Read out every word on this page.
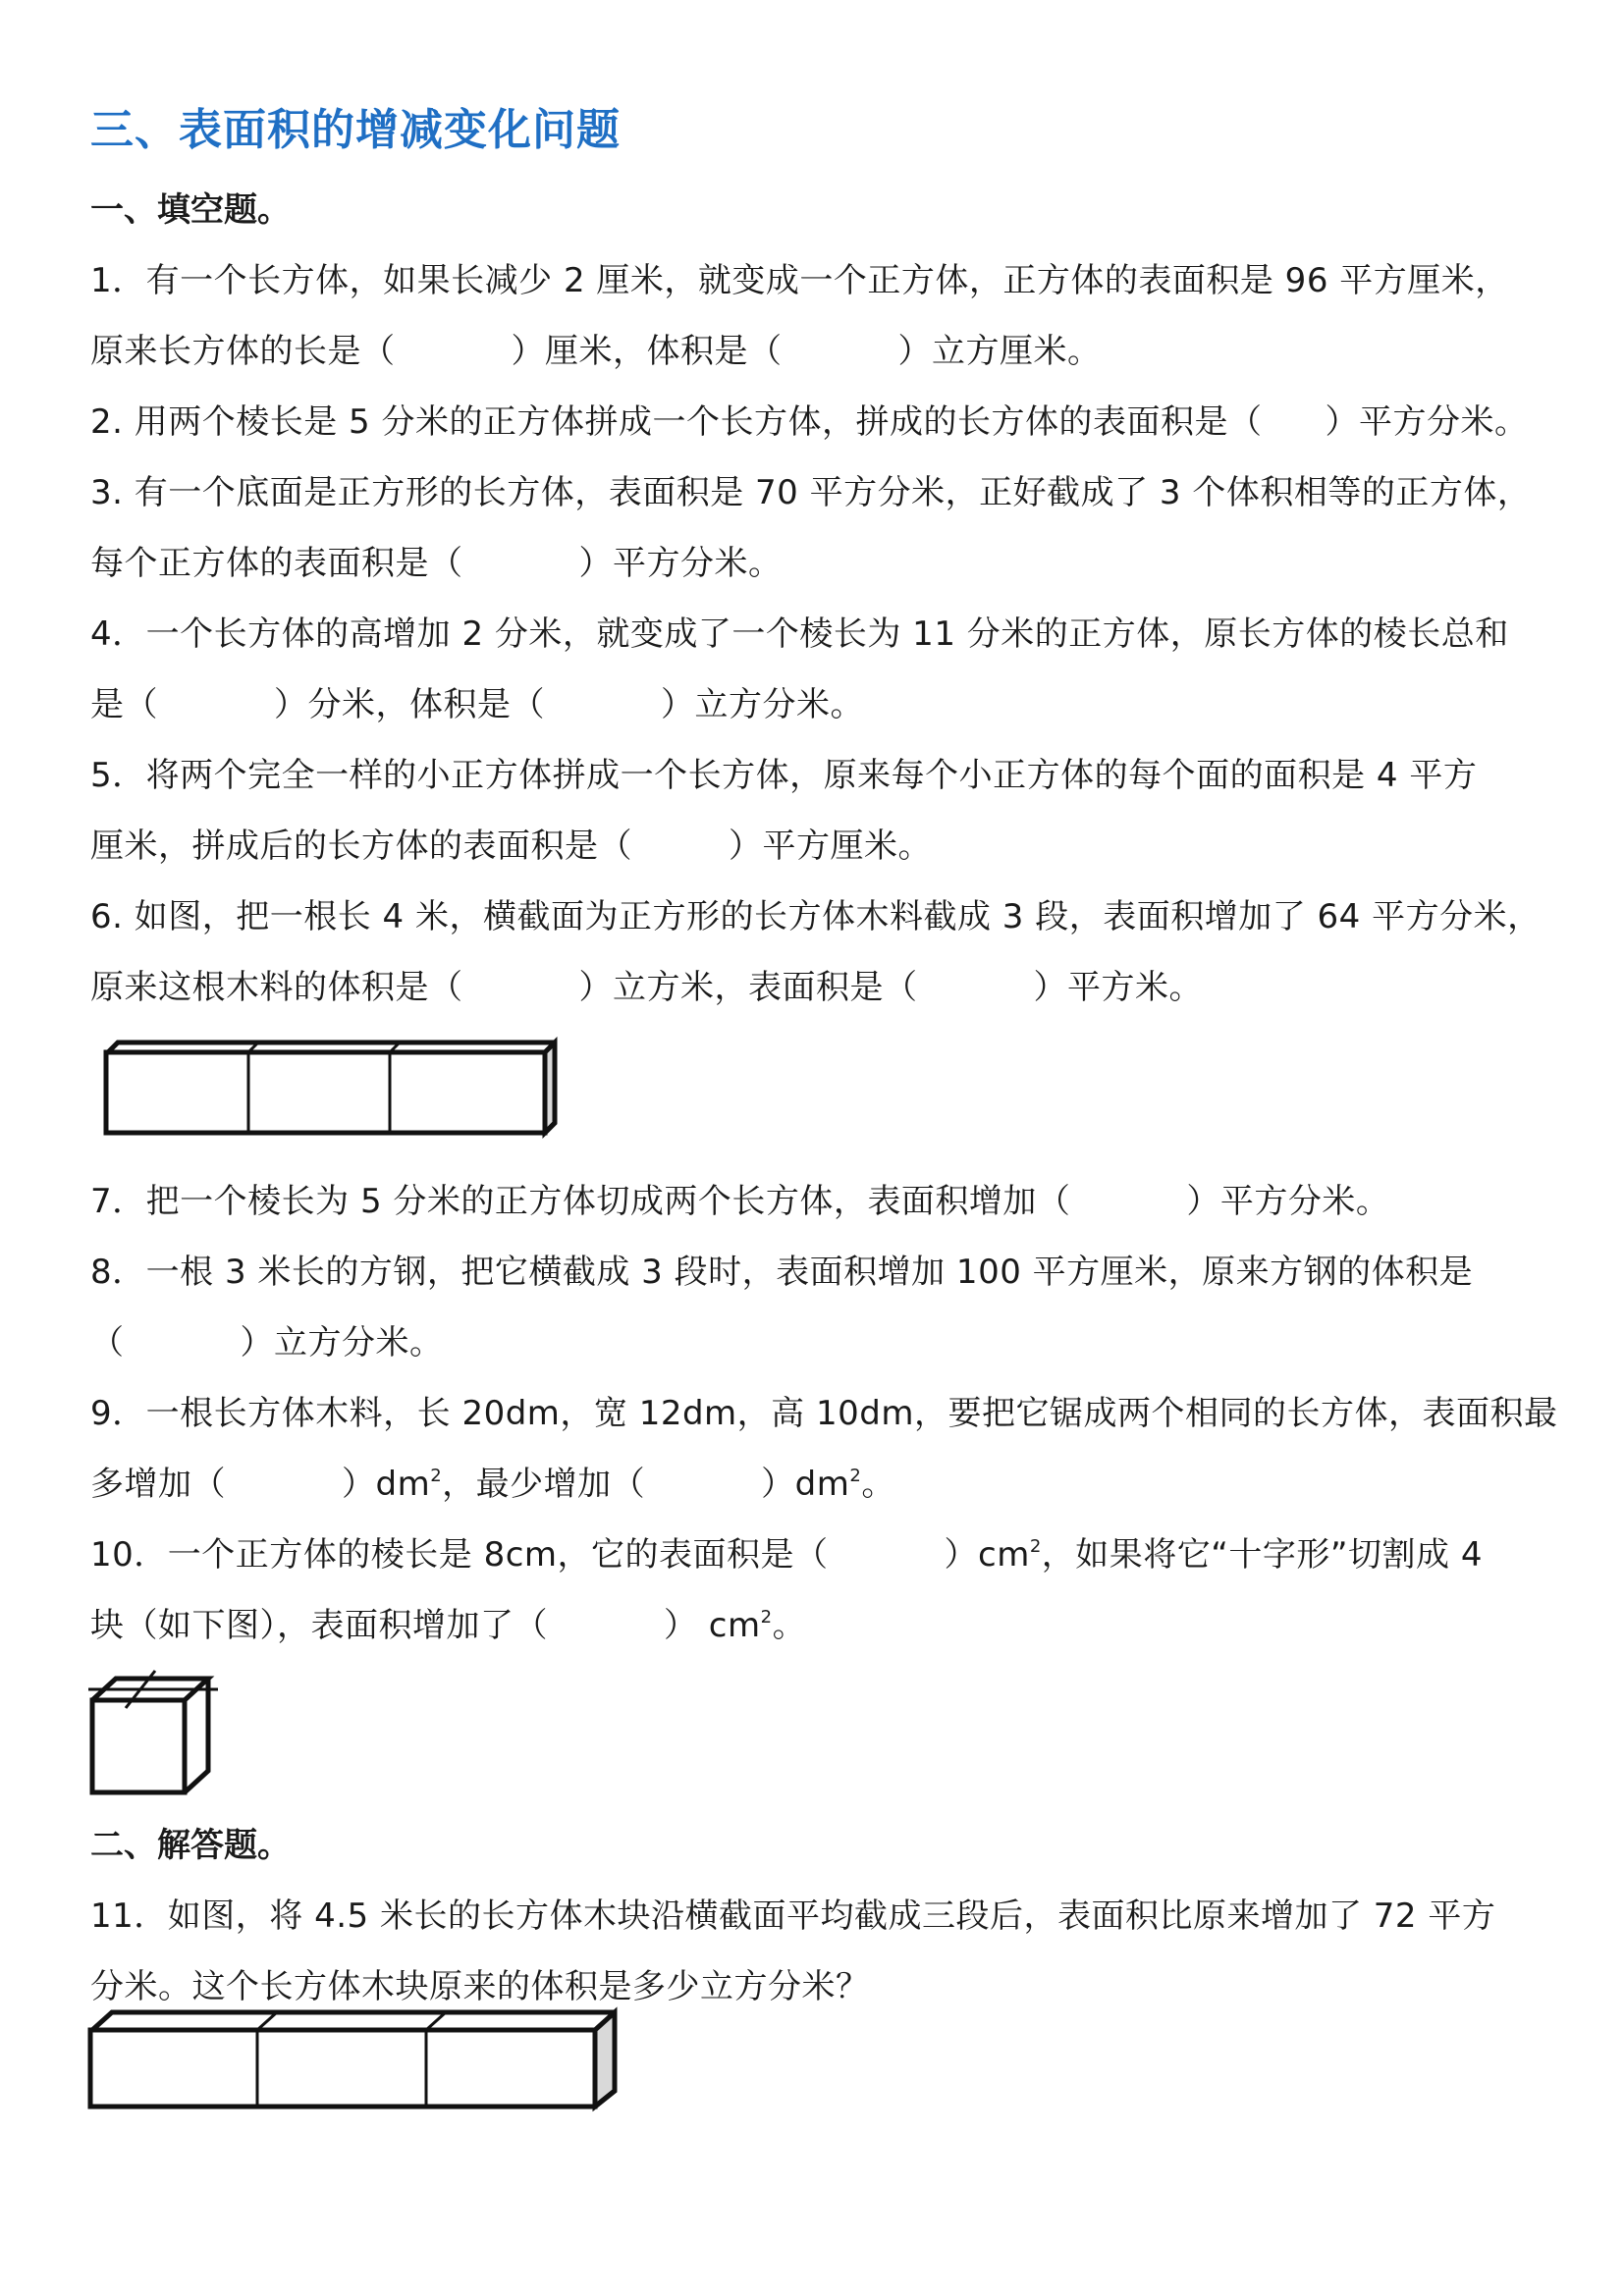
三、表面积的增减变化问题
一、填空题。
1．有一个长方体，如果长减少 2 厘米，就变成一个正方体，正方体的表面积是 96 平方厘米，
原来长方体的长是（	）厘米，体积是（	）立方厘米。
2. 用两个棱长是 5 分米的正方体拼成一个长方体，拼成的长方体的表面积是（ ）平方分米。
3. 有一个底面是正方形的长方体，表面积是 70 平方分米，正好截成了 3 个体积相等的正方体，
每个正方体的表面积是（	）平方分米。
4．一个长方体的高增加 2 分米，就变成了一个棱长为 11 分米的正方体，原长方体的棱长总和
是（	）分米，体积是（	）立方分米。
5．将两个完全一样的小正方体拼成一个长方体，原来每个小正方体的每个面的面积是 4 平方
厘米，拼成后的长方体的表面积是（	）平方厘米。
6. 如图，把一根长 4 米，横截面为正方形的长方体木料截成 3 段，表面积增加了 64 平方分米，
原来这根木料的体积是（	）立方米，表面积是（	）平方米。
7．把一个棱长为 5 分米的正方体切成两个长方体，表面积增加（	）平方分米。
8．一根 3 米长的方钢，把它横截成 3 段时，表面积增加 100 平方厘米，原来方钢的体积是
（	）立方分米。
9．一根长方体木料，长 20dm，宽 12dm，高 10dm，要把它锯成两个相同的长方体，表面积最
多增加（	）$dm^2$，最少增加（	）$dm^2$。
10．一个正方体的棱长是 8cm，它的表面积是（	）$cm^2$，如果将它“十字形”切割成 4
块（如下图），表面积增加了（	） $cm^2$。
二、解答题。
11．如图，将 4.5 米长的长方体木块沿横截面平均截成三段后，表面积比原来增加了 72 平方
分米。这个长方体木块原来的体积是多少立方分米？
